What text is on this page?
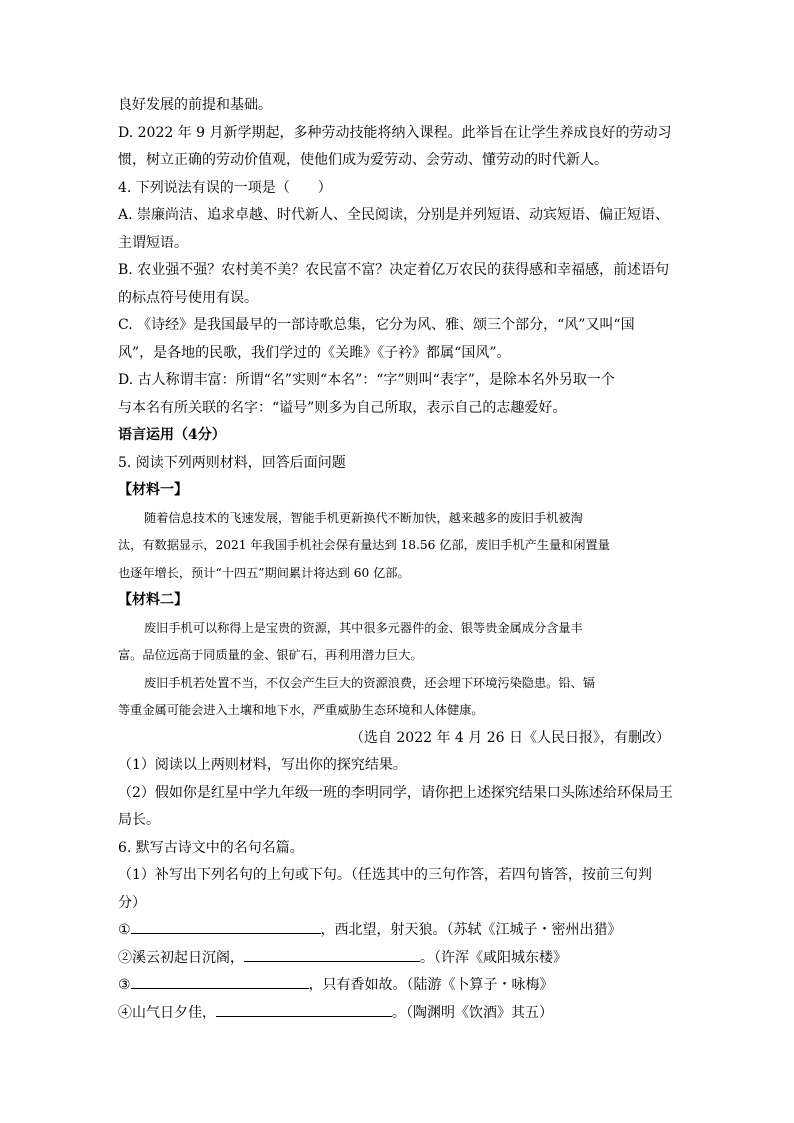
良好发展的前提和基础。

D. 2022 年 9 月新学期起，多种劳动技能将纳入课程。此举旨在让学生养成良好的劳动习

惯，树立正确的劳动价值观，使他们成为爱劳动、会劳动、懂劳动的时代新人。

4. 下列说法有误的一项是（　　）

A. 崇廉尚洁、追求卓越、时代新人、全民阅读，分别是并列短语、动宾短语、偏正短语、

主谓短语。

B. 农业强不强？农村美不美？农民富不富？决定着亿万农民的获得感和幸福感，前述语句

的标点符号使用有误。

C. 《诗经》是我国最早的一部诗歌总集，它分为风、雅、颂三个部分，“风”又叫“国

风”，是各地的民歌，我们学过的《关雎》《子衿》都属“国风”。

D. 古人称谓丰富：所谓“名”实则“本名”：“字”则叫“表字”，是除本名外另取一个

与本名有所关联的名字：“谥号”则多为自己所取，表示自己的志趣爱好。

语言运用（4分）

5. 阅读下列两则材料，回答后面问题

【材料一】

随着信息技术的飞速发展，智能手机更新换代不断加快，越来越多的废旧手机被淘

汰，有数据显示，2021 年我国手机社会保有量达到 18.56 亿部，废旧手机产生量和闲置量

也逐年增长，预计“十四五”期间累计将达到 60 亿部。

【材料二】

废旧手机可以称得上是宝贵的资源，其中很多元器件的金、银等贵金属成分含量丰

富。品位远高于同质量的金、银矿石，再利用潜力巨大。

废旧手机若处置不当，不仅会产生巨大的资源浪费，还会埋下环境污染隐患。铅、镉

等重金属可能会进入土壤和地下水，严重威胁生态环境和人体健康。

（选自 2022 年 4 月 26 日《人民日报》，有删改）

（1）阅读以上两则材料，写出你的探究结果。

（2）假如你是红星中学九年级一班的李明同学，请你把上述探究结果口头陈述给环保局王

局长。

6. 默写古诗文中的名句名篇。

（1）补写出下列名句的上句或下句。（任选其中的三句作答，若四句皆答，按前三句判

分）

①	，西北望，射天狼。（苏轼《江城子・密州出猎》

②溪云初起日沉阁，	。（许浑《咸阳城东楼》

③	，只有香如故。（陆游《卜算子・咏梅》

④山气日夕佳，	。（陶渊明《饮酒》其五）
